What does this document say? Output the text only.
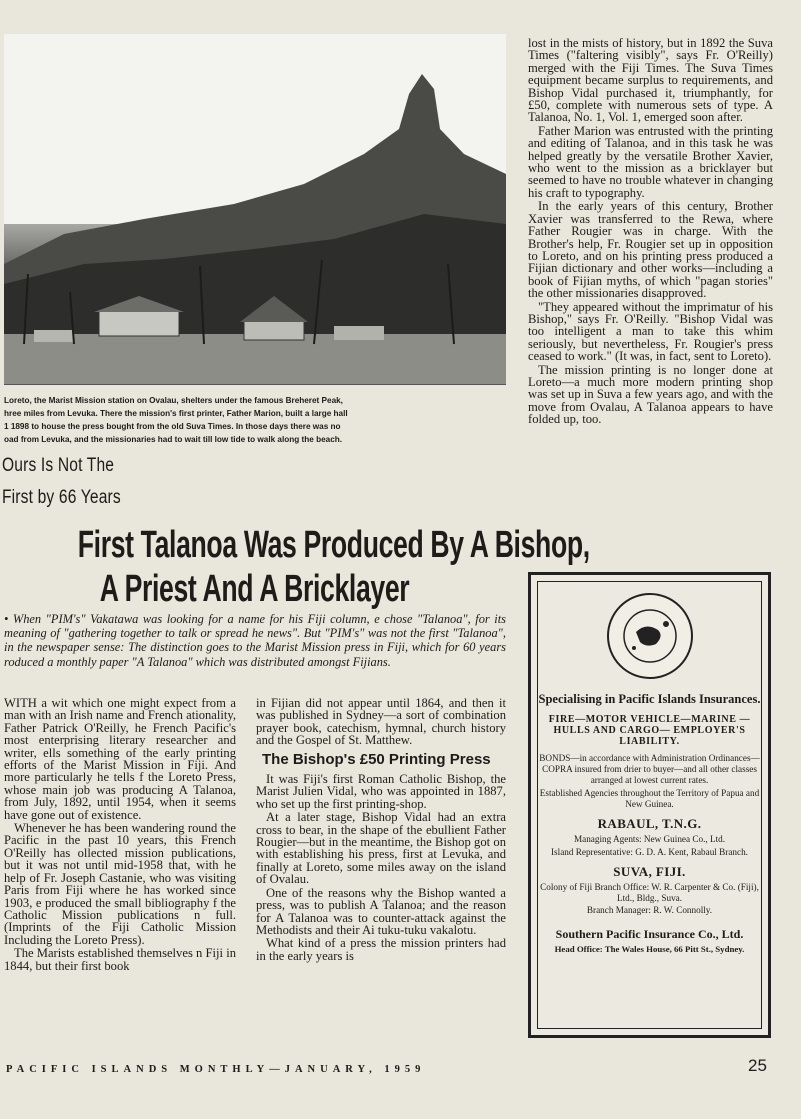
Loreto, the Marist Mission station on Ovalau, shelters under the famous Breheret Peak,

hree miles from Levuka. There the mission's first printer, Father Marion, built a large hall

1 1898 to house the press bought from the old Suva Times. In those days there was no

oad from Levuka, and the missionaries had to wait till low tide to walk along the beach.

Ours Is Not The
First by 66 Years
First Talanoa Was Produced By A Bishop,
A Priest And A Bricklayer
• When "PIM's" Vakatawa was looking for a name for his Fiji column, e chose "Talanoa", for its meaning of "gathering together to talk or spread he news". But "PIM's" was not the first "Talanoa", in the newspaper sense: The distinction goes to the Marist Mission press in Fiji, which for 60 years roduced a monthly paper "A Talanoa" which was distributed amongst Fijians.

WITH a wit which one might expect from a man with an Irish name and French ationality, Father Patrick O'Reilly, he French Pacific's most enterprising literary researcher and writer, ells something of the early printing efforts of the Marist Mission in Fiji. And more particularly he tells f the Loreto Press, whose main job was producing A Talanoa, from July, 1892, until 1954, when it seems have gone out of existence.

Whenever he has been wandering round the Pacific in the past 10 years, this French O'Reilly has ollected mission publications, but it was not until mid-1958 that, with he help of Fr. Joseph Castanie, who was visiting Paris from Fiji where he has worked since 1903, e produced the small bibliography f the Catholic Mission publications n full. (Imprints of the Fiji Catholic Mission Including the Loreto Press).

The Marists established themselves n Fiji in 1844, but their first book

in Fijian did not appear until 1864, and then it was published in Sydney—a sort of combination prayer book, catechism, hymnal, church history and the Gospel of St. Matthew.

The Bishop's £50 Printing Press

It was Fiji's first Roman Catholic Bishop, the Marist Julien Vidal, who was appointed in 1887, who set up the first printing-shop.

At a later stage, Bishop Vidal had an extra cross to bear, in the shape of the ebullient Father Rougier—but in the meantime, the Bishop got on with establishing his press, first at Levuka, and finally at Loreto, some miles away on the island of Ovalau.

One of the reasons why the Bishop wanted a press, was to publish A Talanoa; and the reason for A Talanoa was to counter-attack against the Methodists and their Ai tuku-tuku vakalotu.

What kind of a press the mission printers had in the early years is

lost in the mists of history, but in 1892 the Suva Times ("faltering visibly", says Fr. O'Reilly) merged with the Fiji Times. The Suva Times equipment became surplus to requirements, and Bishop Vidal purchased it, triumphantly, for £50, complete with numerous sets of type. A Talanoa, No. 1, Vol. 1, emerged soon after.

Father Marion was entrusted with the printing and editing of Talanoa, and in this task he was helped greatly by the versatile Brother Xavier, who went to the mission as a bricklayer but seemed to have no trouble whatever in changing his craft to typography.

In the early years of this century, Brother Xavier was transferred to the Rewa, where Father Rougier was in charge. With the Brother's help, Fr. Rougier set up in opposition to Loreto, and on his printing press produced a Fijian dictionary and other works—including a book of Fijian myths, of which "pagan stories" the other missionaries disapproved.

"They appeared without the imprimatur of his Bishop," says Fr. O'Reilly. "Bishop Vidal was too intelligent a man to take this whim seriously, but nevertheless, Fr. Rougier's press ceased to work." (It was, in fact, sent to Loreto).

The mission printing is no longer done at Loreto—a much more modern printing shop was set up in Suva a few years ago, and with the move from Ovalau, A Talanoa appears to have folded up, too.

Specialising in Pacific Islands Insurances.
FIRE—MOTOR VEHICLE—MARINE —HULLS AND CARGO— EMPLOYER'S LIABILITY.
BONDS—in accordance with Administration Ordinances—COPRA insured from drier to buyer—and all other classes arranged at lowest current rates.
Established Agencies throughout the Territory of Papua and New Guinea.
RABAUL, T.N.G.
Managing Agents: New Guinea Co., Ltd.
Island Representative: G. D. A. Kent, Rabaul Branch.
SUVA, FIJI.
Colony of Fiji Branch Office: W. R. Carpenter & Co. (Fiji), Ltd., Bldg., Suva.
Branch Manager: R. W. Connolly.
Southern Pacific Insurance Co., Ltd.
Head Office: The Wales House, 66 Pitt St., Sydney.
PACIFIC ISLANDS MONTHLY—JANUARY, 1959	25
